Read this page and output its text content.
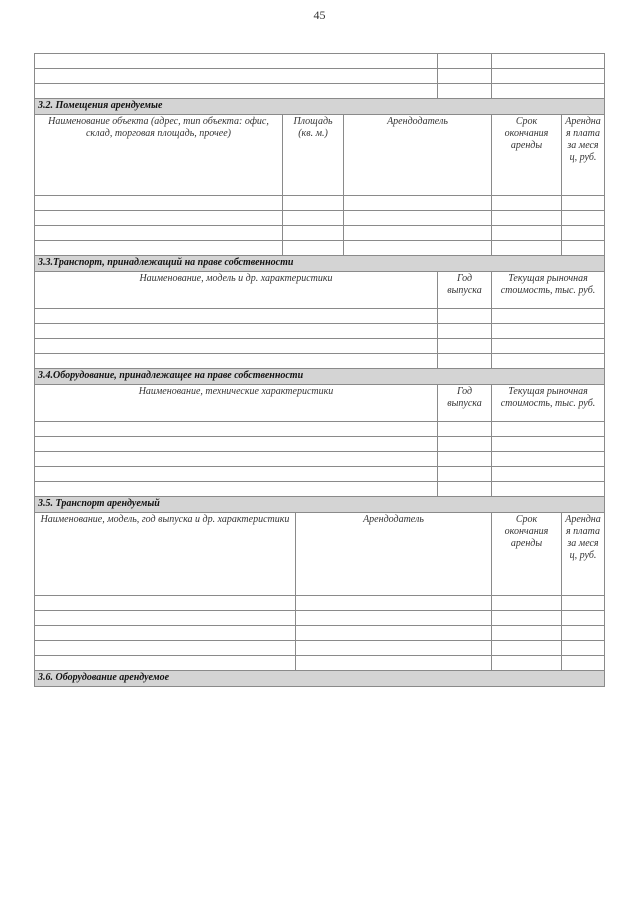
45

3.2. Помещения арендуемые						
Наименование объекта (адрес, тип объекта: офис, склад, торговая площадь, прочее)	Площадь (кв. м.)		Арендодатель		Срок окончания аренды	Арендная плата за месяц, руб.

3.3.Транспорт, принадлежащий на праве собственности						
Наименование, модель и др. характеристики				Год выпуска	Текущая рыночная стоимость, тыс. руб.	

3.4.Оборудование, принадлежащее на праве собственности						
Наименование, технические характеристики				Год выпуска	Текущая рыночная стоимость, тыс. руб.	

3.5. Транспорт арендуемый						
Наименование, модель, год выпуска и др. характеристики		Арендодатель			Срок окончания аренды	Арендная плата за месяц, руб.

3.6. Оборудование арендуемое						
